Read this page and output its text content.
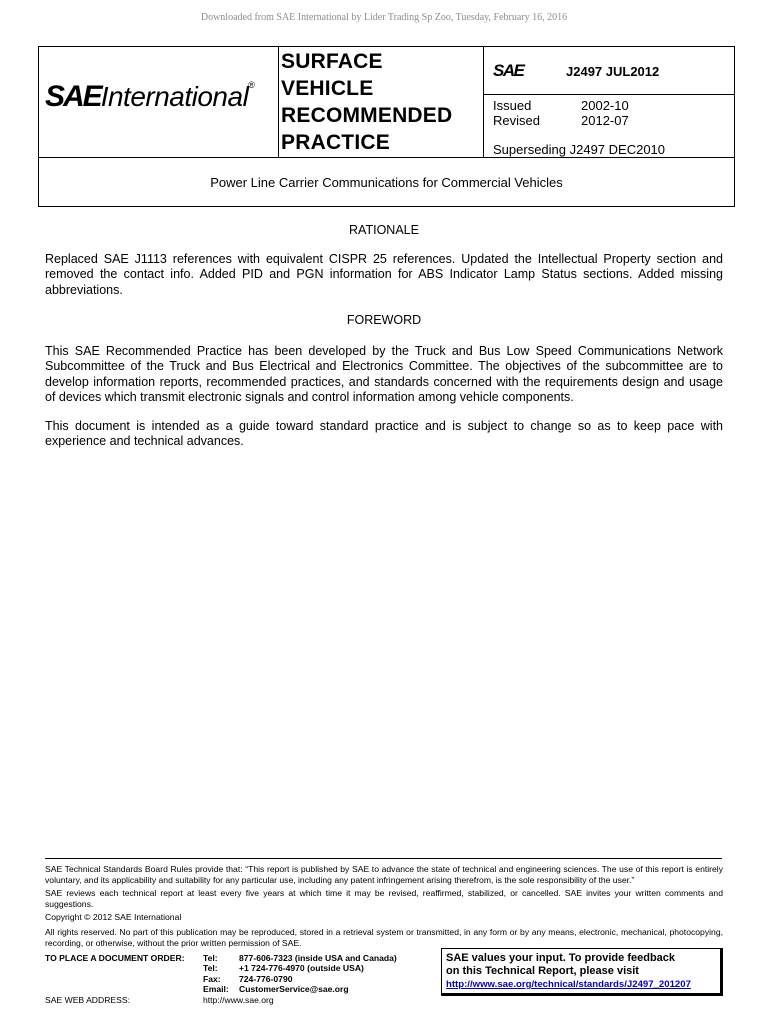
Downloaded from SAE International by Lider Trading Sp Zoo, Tuesday, February 16, 2016
SAEInternational®
SURFACE
VEHICLE
RECOMMENDED
PRACTICE
SAE	J2497 JUL2012
Issued	2002-10
Revised	2012-07
Superseding J2497 DEC2010
Power Line Carrier Communications for Commercial Vehicles
RATIONALE

Replaced SAE J1113 references with equivalent CISPR 25 references. Updated the Intellectual Property section and removed the contact info. Added PID and PGN information for ABS Indicator Lamp Status sections. Added missing abbreviations.

FOREWORD

This SAE Recommended Practice has been developed by the Truck and Bus Low Speed Communications Network Subcommittee of the Truck and Bus Electrical and Electronics Committee. The objectives of the subcommittee are to develop information reports, recommended practices, and standards concerned with the requirements design and usage of devices which transmit electronic signals and control information among vehicle components.

This document is intended as a guide toward standard practice and is subject to change so as to keep pace with experience and technical advances.

SAE Technical Standards Board Rules provide that: “This report is published by SAE to advance the state of technical and engineering sciences. The use of this report is entirely voluntary, and its applicability and suitability for any particular use, including any patent infringement arising therefrom, is the sole responsibility of the user.”

SAE reviews each technical report at least every five years at which time it may be revised, reaffirmed, stabilized, or cancelled. SAE invites your written comments and suggestions.

Copyright © 2012 SAE International

All rights reserved. No part of this publication may be reproduced, stored in a retrieval system or transmitted, in any form or by any means, electronic, mechanical, photocopying, recording, or otherwise, without the prior written permission of SAE.

TO PLACE A DOCUMENT ORDER:	Tel:	877-606-7323 (inside USA and Canada)
Tel:	+1 724-776-4970 (outside USA)
Fax:	724-776-0790
Email:	CustomerService@sae.org
SAE WEB ADDRESS:	http://www.sae.org
SAE values your input. To provide feedback
on this Technical Report, please visit
http://www.sae.org/technical/standards/J2497_201207
